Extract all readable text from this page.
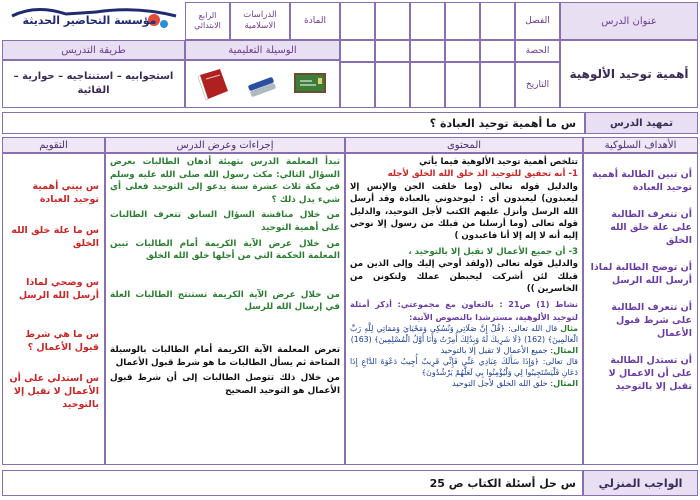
عنوان الدرس
أهمية توحيد الألوهية
الفصل
الحصة
التاريخ
المادة
الدراسات الاسلامية
الرابع الابتدائي
الوسيلة التعليمية
طريقة التدريس
استجوابيه – استنتاجيه – حوارية – القائية
مؤسسة التحاضير الحديثة
تمهيد الدرس
س ما أهمية توحيد العبادة ؟
الأهداف السلوكية
المحتوى
إجراءات وعرض الدرس
التقويم
أن تبين الطالبة أهمية توحيد العبادة
أن تتعرف الطالبة على علة خلق الله الخلق
أن توضح الطالبة لماذا أرسل الله الرسل
أن تتعرف الطالبة على شرط قبول الأعمال
أن تستدل الطالبة على أن الاعمال لا تقبل إلا بالتوحيد
تتلخص أهمية توحيد الألوهية فيما يأتي
1- أنه تحقيق للتوحيد الذ خلق الله الخلق لأجله
والدليل قوله تعالى (وما خلقت الجن والإنس إلا ليعبدون) ليعبدون أي : ليوحدوني بالعبادة وقد أرسل الله الرسل وأنزل عليهم الكتب لأجل التوحيد، والدليل قوله تعالى (وما أرسلنا من قبلك من رسول إلا نوحي إليه أنه لا إله إلا أنا فاعبدون )
3- أن جميع الأعمال لا تقبل إلا بالتوحيد ،
والدليل قوله تعالى ((ولقد أوحي إليك وإلى الذين من قبلك لئن أشركت ليحبطن عملك ولتكونن من الخاسرين ))
نشاط (1) ص21 : بالتعاون مع مجموعتي: أذكر أمثلة لتوحيد الألوهية، مسترشدا بالنصوص الآتية:
مثال قال الله تعالى: ﴿قُلْ إِنَّ صَلَاتِي وَنُسُكِي وَمَحْيَايَ وَمَمَاتِي لِلَّهِ رَبِّ الْعَالَمِينَ﴾ (162) ﴿لَا شَرِيكَ لَهُ وَبِذَٰلِكَ أُمِرْتُ وَأَنَا أَوَّلُ الْمُسْلِمِينَ﴾ (163)
المثال: جميع الأعمال لا تقبل إلا بالتوحيد
قال تعالى: ﴿وَإِذَا سَأَلَكَ عِبَادِي عَنِّي فَإِنِّي قَرِيبٌ أُجِيبُ دَعْوَةَ الدَّاعِ إِذَا دَعَانِ فَلْيَسْتَجِيبُوا لِي وَلْيُؤْمِنُوا بِي لَعَلَّهُمْ يَرْشُدُونَ﴾
المثال: خلق الله الخلق لأجل التوحيد
تبدأ المعلمة الدرس بتهيئة أذهان الطالبات بعرض السؤال التالي: مكث رسول الله صلى الله عليه وسلم في مكة ثلاث عشرة سنة يدعو إلى التوحيد فعلى أي شيء يدل ذلك ؟
من خلال مناقشة السؤال السابق تتعرف الطالبات على أهمية التوحيد
من خلال عرض الآية الكريمة أمام الطالبات تبين المعلمة الحكمة التي من أجلها خلق الله الخلق
من خلال عرض الآية الكريمة تستنتج الطالبات العلة في إرسال الله للرسل
تعرض المعلمة الآية الكريمة أمام الطالبات بالوسيلة المتاحة ثم يسأل الطالبات ما هو شرط قبول الأعمال
من خلال ذلك تتوصل الطالبات إلى أن شرط قبول الأعمال هو التوحيد الصحيح
س بيني أهمية توحيد العبادة
س ما علة خلق الله الخلق
س وضحي لماذا أرسل الله الرسل
س ما هي شرط قبول الأعمال ؟
س استدلي على أن الأعمال لا تقبل إلا بالتوحيد
الواجب المنزلي
س حل أسئلة الكتاب ص 25
